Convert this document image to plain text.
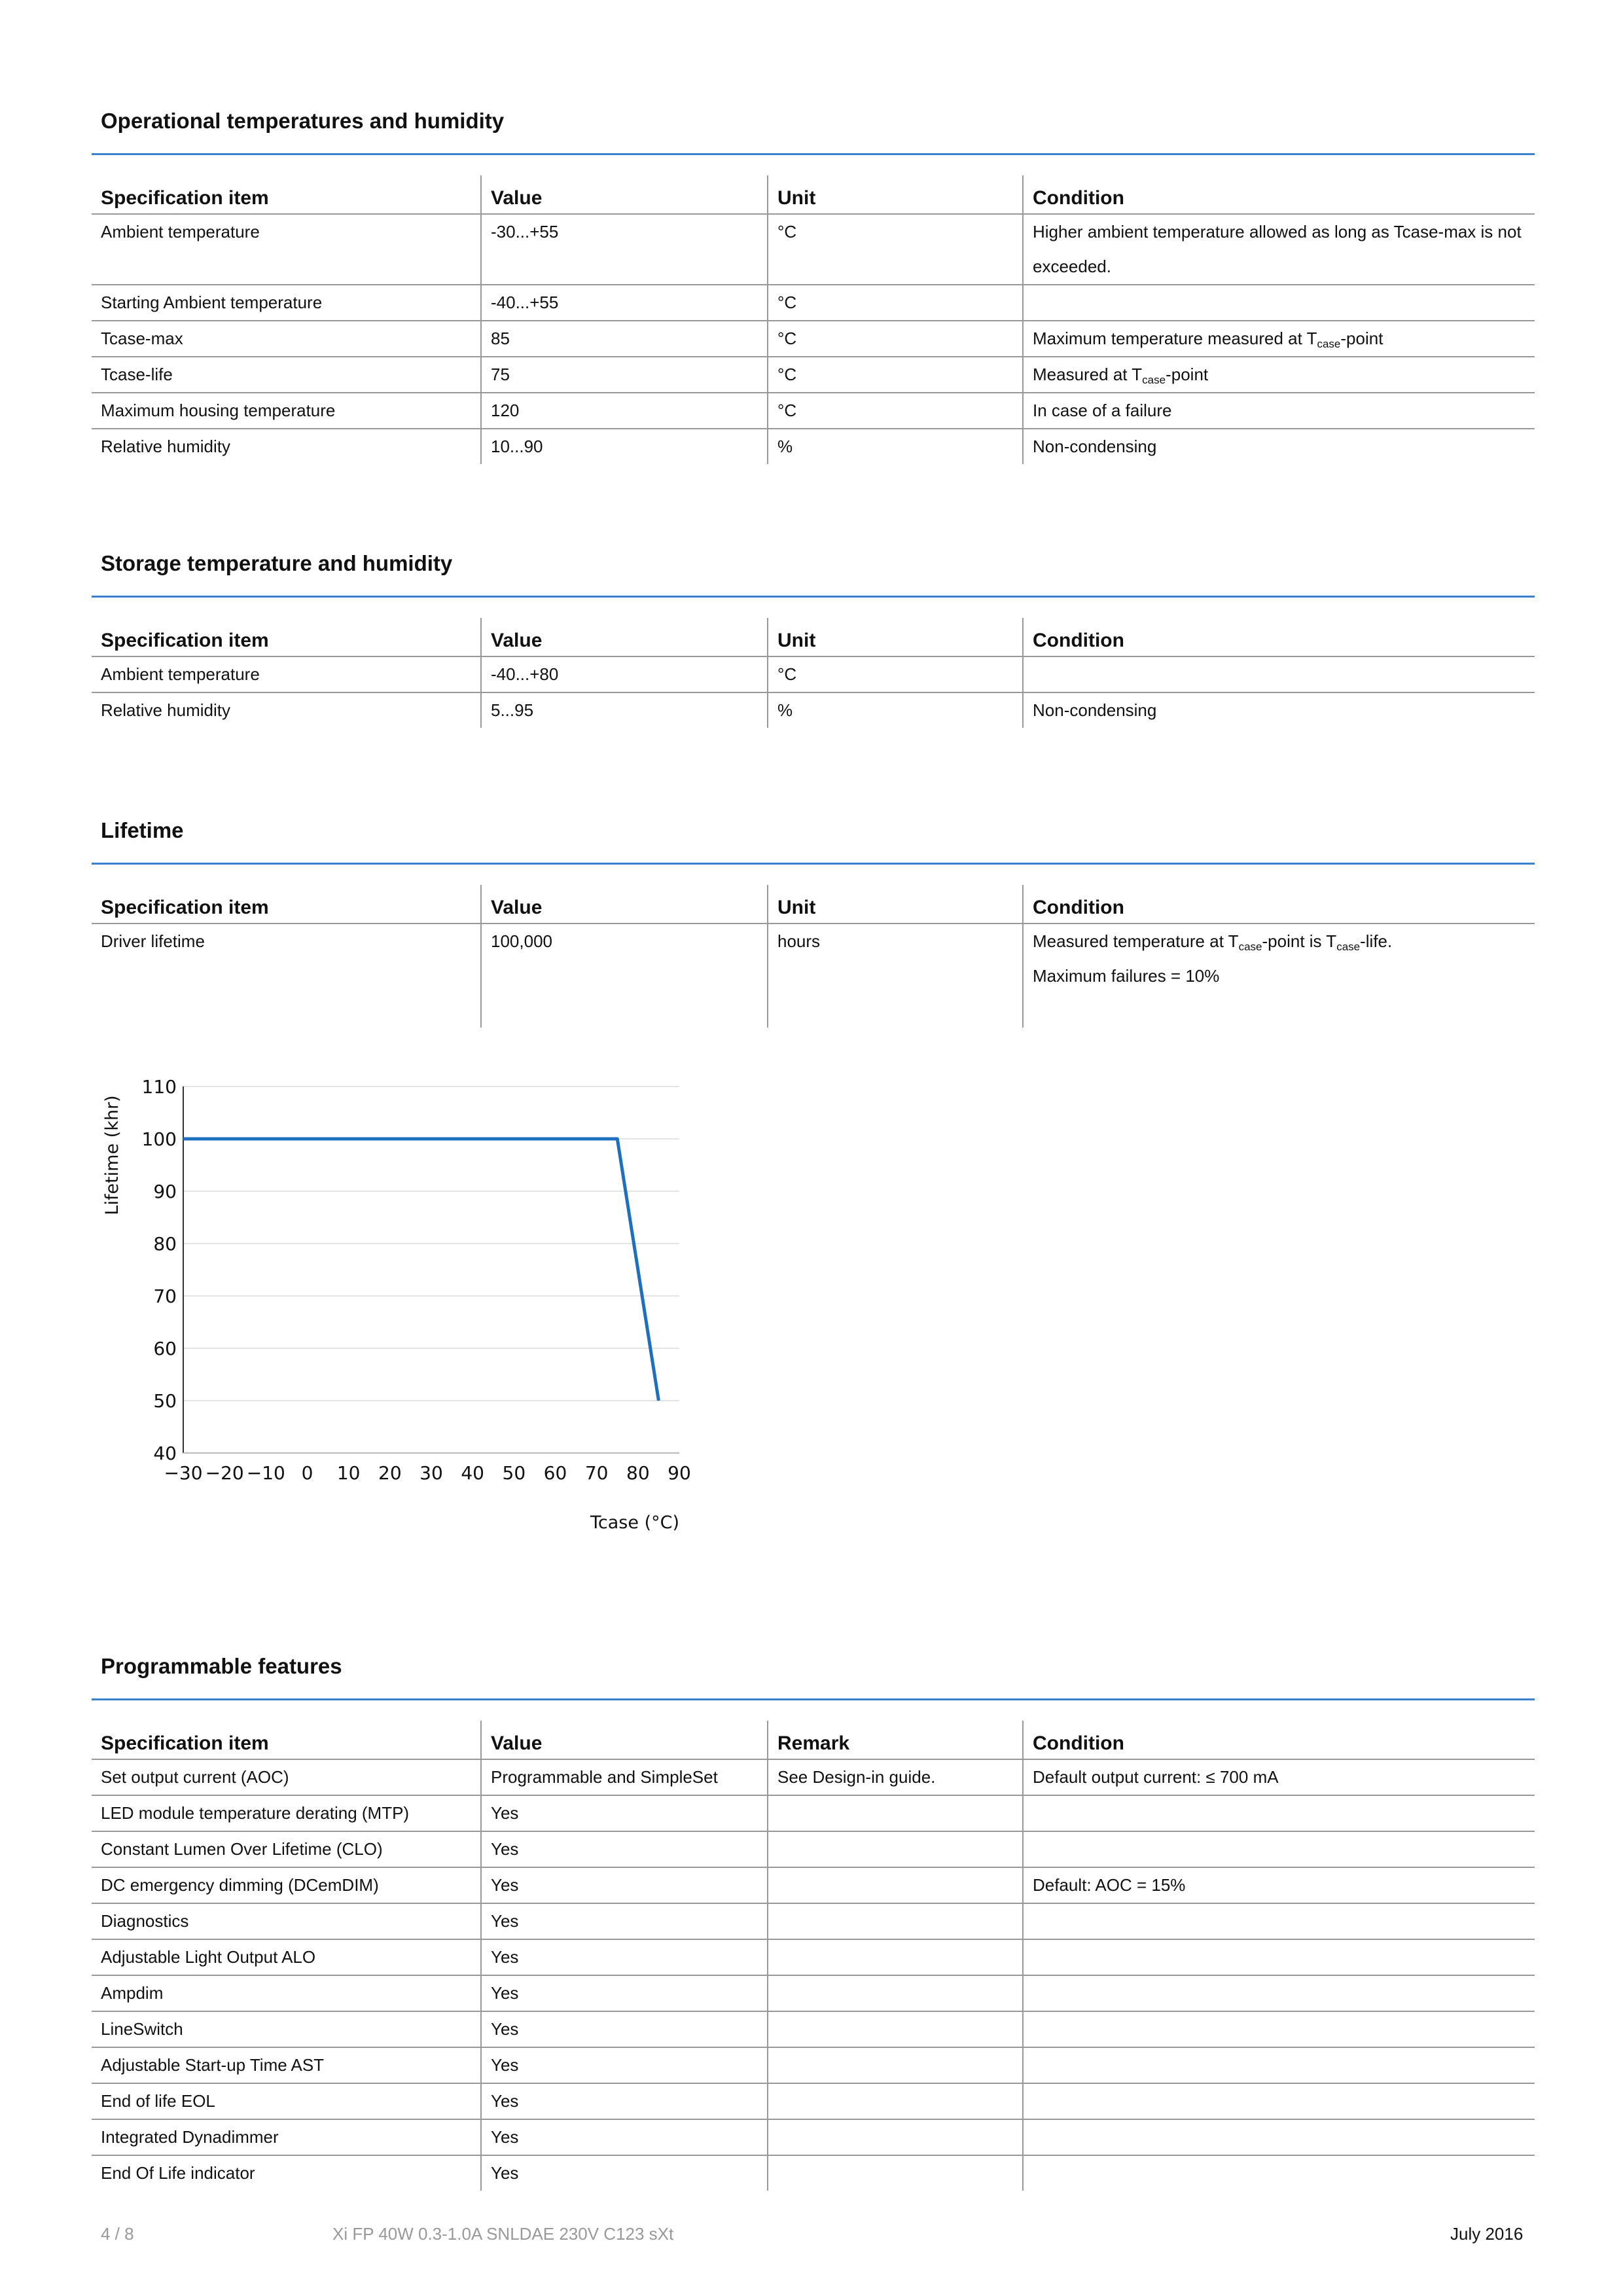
Operational temperatures and humidity
Specification item	Value	Unit	Condition
Ambient temperature	-30...+55	°C	Higher ambient temperature allowed as long as Tcase-max is not exceeded.
Starting Ambient temperature	-40...+55	°C	
Tcase-max	85	°C	Maximum temperature measured at $T_{case}$-point
Tcase-life	75	°C	Measured at $T_{case}$-point
Maximum housing temperature	120	°C	In case of a failure
Relative humidity	10...90	%	Non-condensing
Storage temperature and humidity
Specification item	Value	Unit	Condition
Ambient temperature	-40...+80	°C	
Relative humidity	5...95	%	Non-condensing
Lifetime
Specification item	Value	Unit	Condition
Driver lifetime	100,000	hours	Measured temperature at $T_{case}$-point is $T_{case}$-life.
Maximum failures = 10%
40
50
60
70
80
90
100
110
−30 −20 −10 0 10 20 30 40 50 60 70 80 90
Lifetime (khr)
Tcase (°C)
Programmable features
Specification item	Value	Remark	Condition
Set output current (AOC)	Programmable and SimpleSet	See Design-in guide.	Default output current: ≤ 700 mA
LED module temperature derating (MTP)	Yes		
Constant Lumen Over Lifetime (CLO)	Yes		
DC emergency dimming (DCemDIM)	Yes		Default: AOC = 15%
Diagnostics	Yes		
Adjustable Light Output ALO	Yes		
Ampdim	Yes		
LineSwitch	Yes		
Adjustable Start-up Time AST	Yes		
End of life EOL	Yes		
Integrated Dynadimmer	Yes		
End Of Life indicator	Yes		
4 / 8	Xi FP 40W 0.3-1.0A SNLDAE 230V C123 sXt	July 2016
